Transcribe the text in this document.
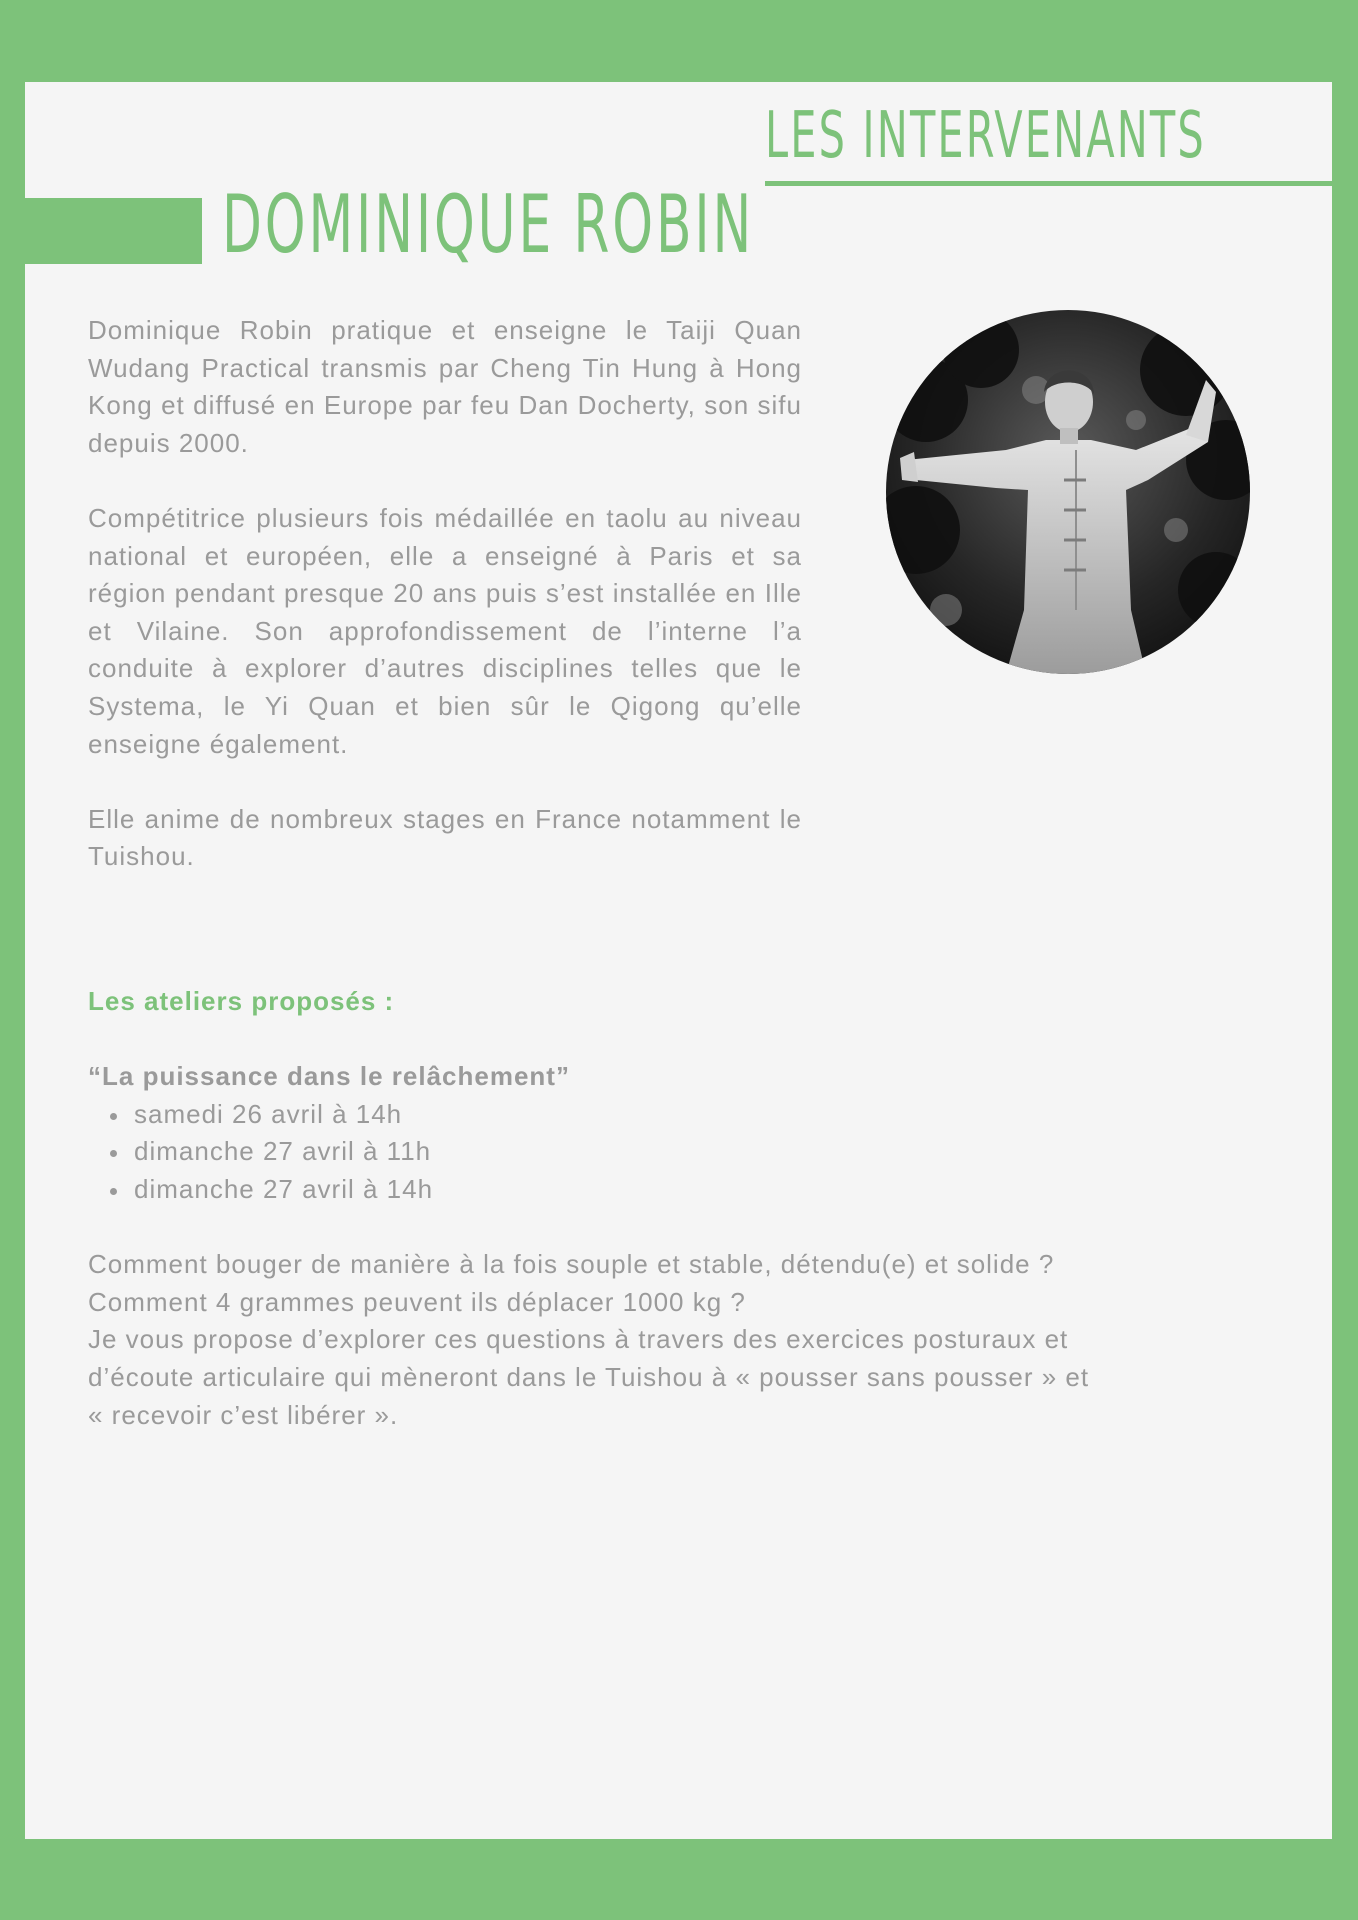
LES INTERVENANTS
DOMINIQUE ROBIN

Dominique Robin pratique et enseigne le Taiji Quan Wudang Practical transmis par Cheng Tin Hung à Hong Kong et diffusé en Europe par feu Dan Docherty, son sifu depuis 2000.

Compétitrice plusieurs fois médaillée en taolu au niveau national et européen, elle a enseigné à Paris et sa région pendant presque 20 ans puis s’est installée en Ille et Vilaine. Son approfondissement de l’interne l’a conduite à explorer d’autres disciplines telles que le Systema, le Yi Quan et bien sûr le Qigong qu’elle enseigne également.

Elle anime de nombreux stages en France notamment le Tuishou.

Les ateliers proposés :

“La puissance dans le relâchement”

samedi 26 avril à 14h
dimanche 27 avril à 11h
dimanche 27 avril à 14h

Comment bouger de manière à la fois souple et stable, détendu(e) et solide ?
Comment 4 grammes peuvent ils déplacer 1000 kg ?
Je vous propose d’explorer ces questions à travers des exercices posturaux et
d’écoute articulaire qui mèneront dans le Tuishou à « pousser sans pousser » et
« recevoir c’est libérer ».
